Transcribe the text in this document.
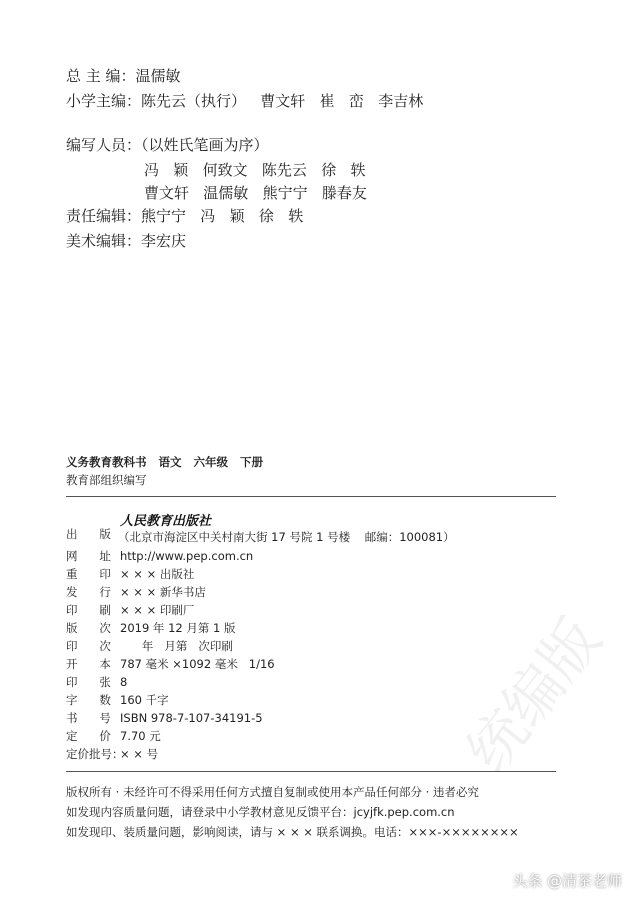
总 主 编：温儒敏
小学主编：陈先云（执行）   曹文轩   崔   峦   李吉林
编写人员：（以姓氏笔画为序）
冯   颖   何致文   陈先云   徐   轶
曹文轩   温儒敏   熊宁宁   滕春友
责任编辑：熊宁宁   冯   颖   徐   轶
美术编辑：李宏庆
义务教育教科书   语文   六年级   下册
教育部组织编写

出      版

人民教育出版社
（北京市海淀区中关村南大街 17 号院 1 号楼    邮编：100081）
网      址 http://www.pep.com.cn
重      印 × × × 出版社
发      行 × × × 新华书店
印      刷 × × × 印刷厂
版      次 2019 年 12 月第 1 版
印      次 年   月第   次印刷
开      本 787 毫米 ×1092 毫米   1/16
印      张 8
字      数 160 千字
书      号 ISBN 978-7-107-34191-5
定      价 7.70 元
定价批号：
× × 号
版权所有 · 未经许可不得采用任何方式擅自复制或使用本产品任何部分 · 违者必究
如发现内容质量问题，请登录中小学教材意见反馈平台：jcyjfk.pep.com.cn
如发现印、装质量问题，影响阅读，请与 × × × 联系调换。电话：×××-××××××××
统编版
头条 @清茶老师
